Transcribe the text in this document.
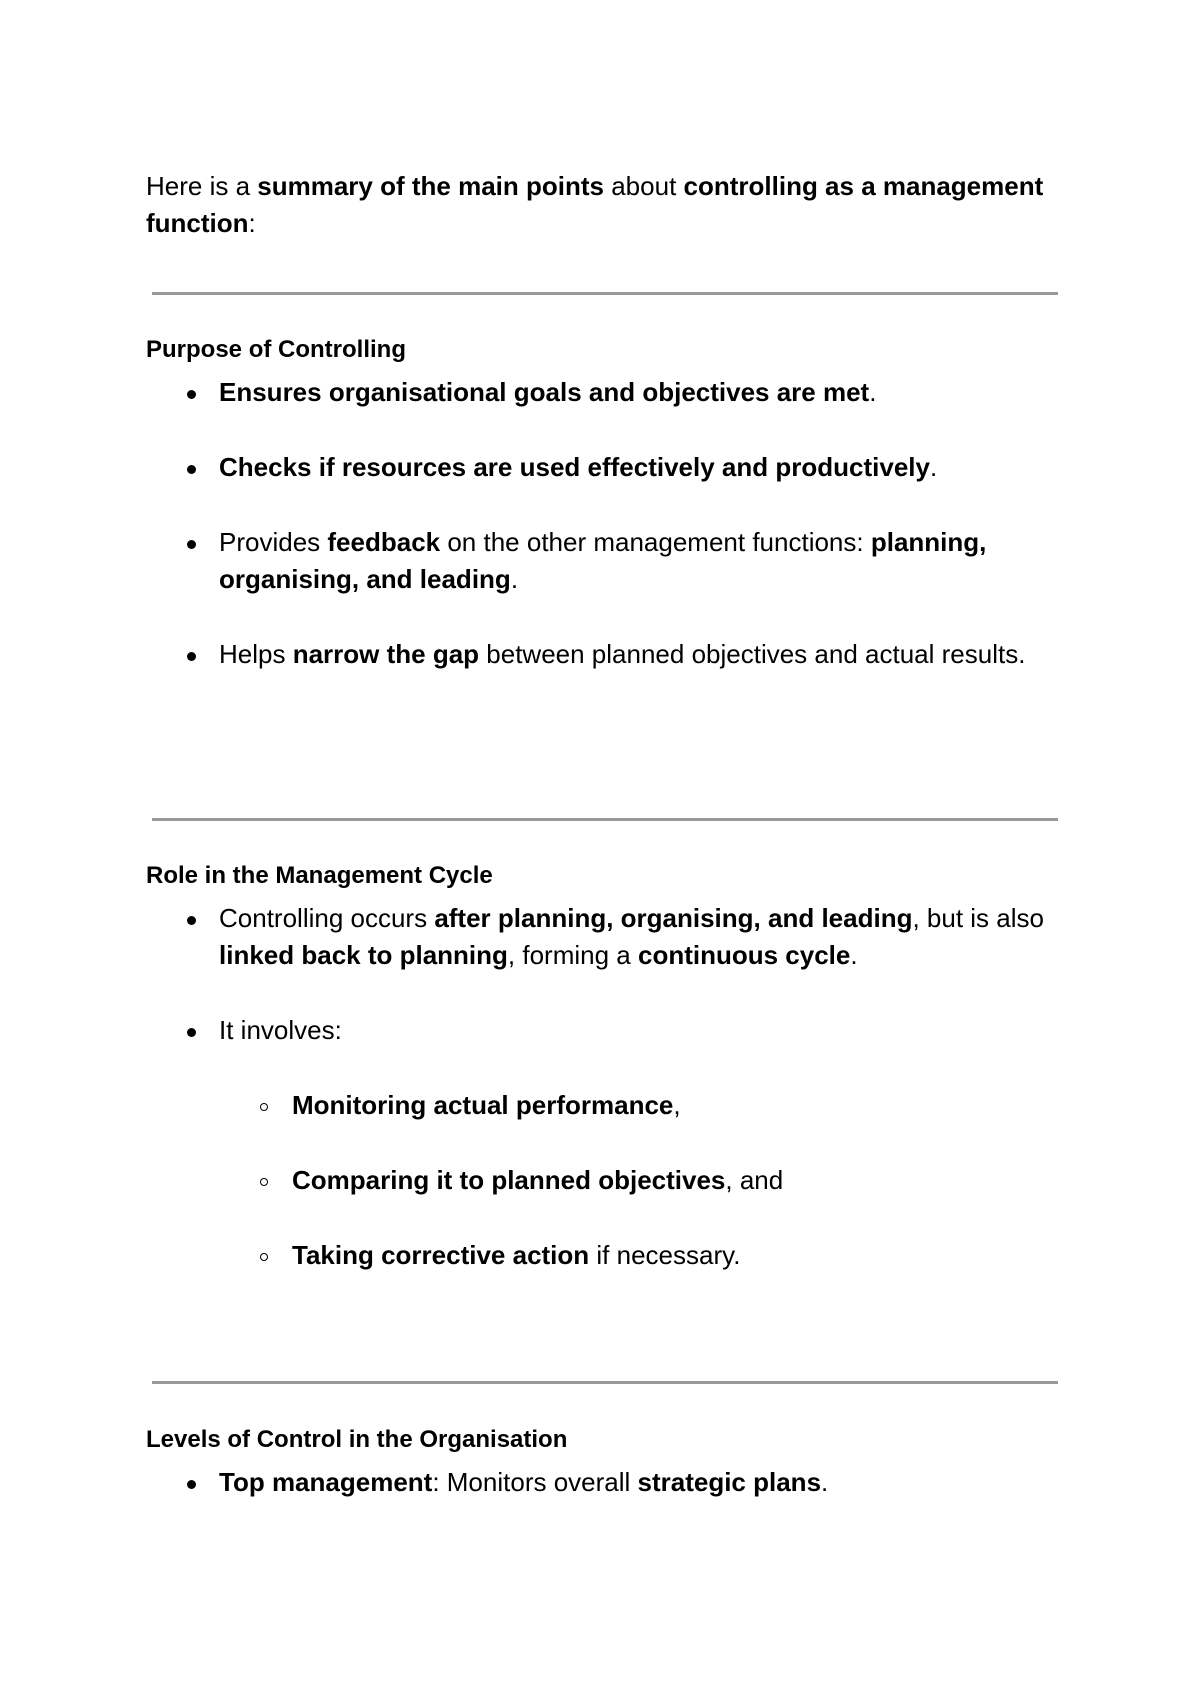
Here is a summary of the main points about controlling as a management function:

Purpose of Controlling
Ensures organisational goals and objectives are met.
Checks if resources are used effectively and productively.
Provides feedback on the other management functions: planning, organising, and leading.
Helps narrow the gap between planned objectives and actual results.
Role in the Management Cycle
Controlling occurs after planning, organising, and leading, but is also linked back to planning, forming a continuous cycle.
It involves:
Monitoring actual performance,
Comparing it to planned objectives, and
Taking corrective action if necessary.
Levels of Control in the Organisation
Top management: Monitors overall strategic plans.
